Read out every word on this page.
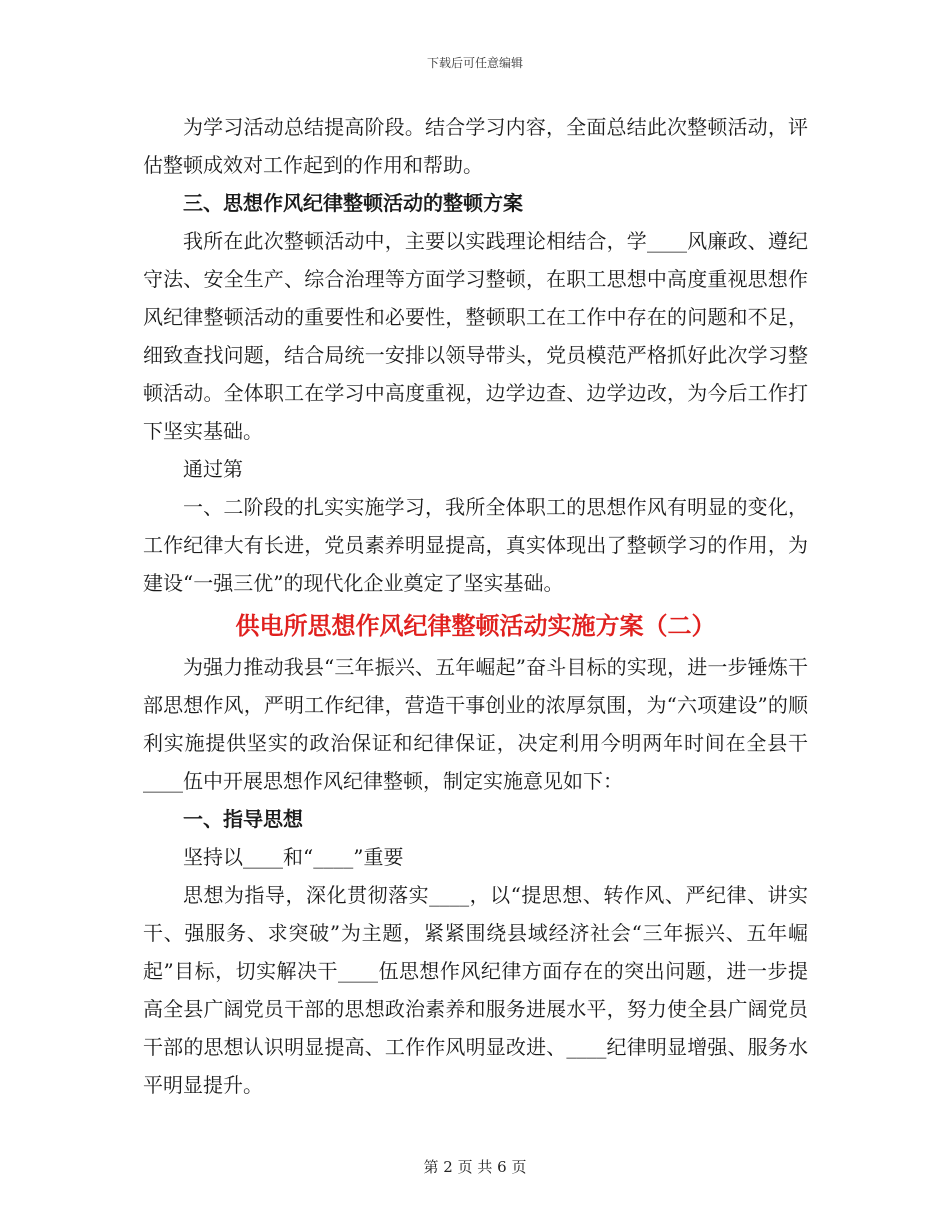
下载后可任意编辑

为学习活动总结提高阶段。结合学习内容，全面总结此次整顿活动，评估整顿成效对工作起到的作用和帮助。

三、思想作风纪律整顿活动的整顿方案

我所在此次整顿活动中，主要以实践理论相结合，学____风廉政、遵纪守法、安全生产、综合治理等方面学习整顿，在职工思想中高度重视思想作风纪律整顿活动的重要性和必要性，整顿职工在工作中存在的问题和不足，细致查找问题，结合局统一安排以领导带头，党员模范严格抓好此次学习整顿活动。全体职工在学习中高度重视，边学边查、边学边改，为今后工作打下坚实基础。

通过第

一、二阶段的扎实实施学习，我所全体职工的思想作风有明显的变化，工作纪律大有长进，党员素养明显提高，真实体现出了整顿学习的作用，为建设“一强三优”的现代化企业奠定了坚实基础。

供电所思想作风纪律整顿活动实施方案（二）

为强力推动我县“三年振兴、五年崛起”奋斗目标的实现，进一步锤炼干部思想作风，严明工作纪律，营造干事创业的浓厚氛围，为“六项建设”的顺利实施提供坚实的政治保证和纪律保证，决定利用今明两年时间在全县干____伍中开展思想作风纪律整顿，制定实施意见如下：

一、指导思想

坚持以____和“____”重要

思想为指导，深化贯彻落实____，以“提思想、转作风、严纪律、讲实干、强服务、求突破”为主题，紧紧围绕县域经济社会“三年振兴、五年崛起”目标，切实解决干____伍思想作风纪律方面存在的突出问题，进一步提高全县广阔党员干部的思想政治素养和服务进展水平，努力使全县广阔党员干部的思想认识明显提高、工作作风明显改进、____纪律明显增强、服务水平明显提升。

第 2 页 共 6 页
